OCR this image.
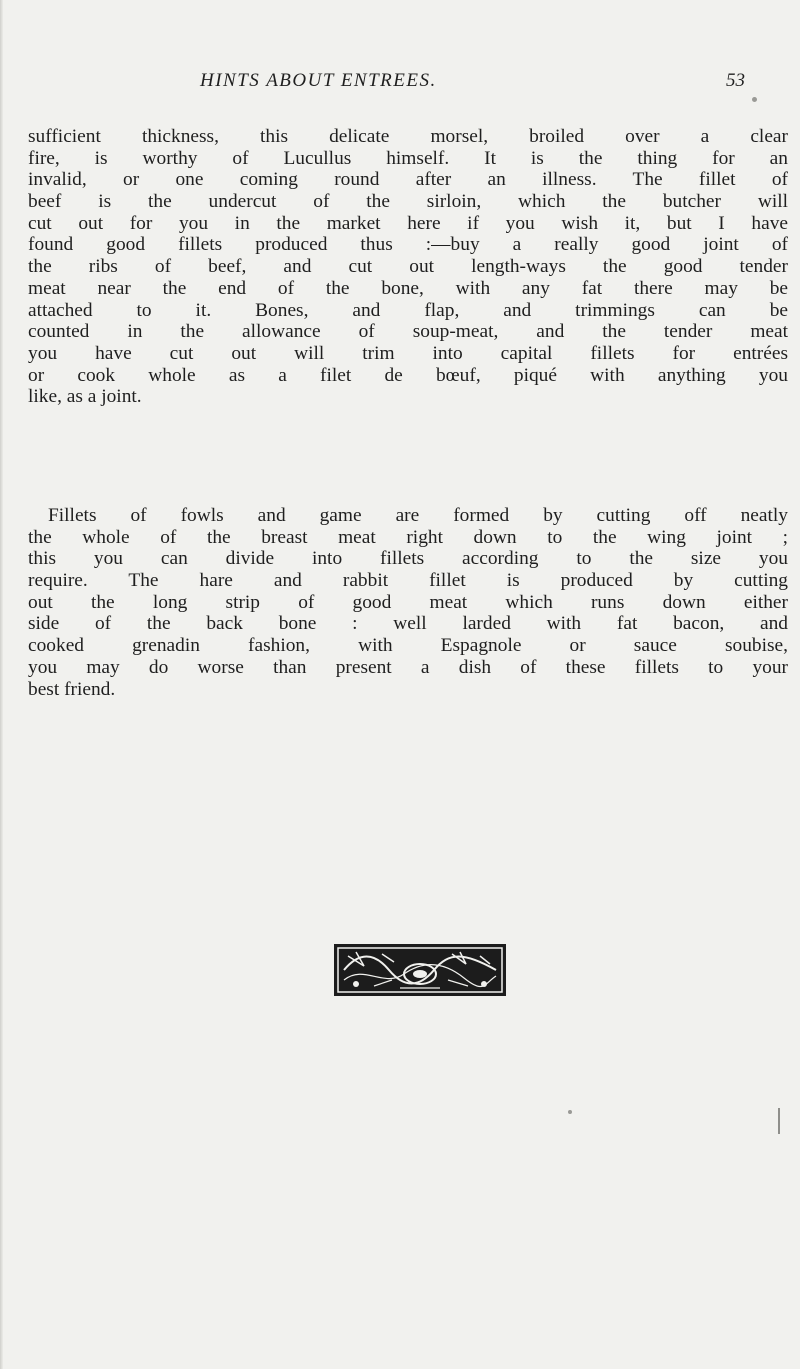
HINTS ABOUT ENTREES.	53

sufficient thickness, this delicate morsel, broiled over a clear
fire, is worthy of Lucullus himself. It is the thing for an
invalid, or one coming round after an illness. The fillet of
beef is the undercut of the sirloin, which the butcher will
cut out for you in the market here if you wish it, but I have
found good fillets produced thus :—buy a really good joint of
the ribs of beef, and cut out length-ways the good tender
meat near the end of the bone, with any fat there may be
attached to it. Bones, and flap, and trimmings can be
counted in the allowance of soup-meat, and the tender meat
you have cut out will trim into capital fillets for entrées
or cook whole as a filet de bœuf, piqué with anything you
like, as a joint.

Fillets of fowls and game are formed by cutting off neatly
the whole of the breast meat right down to the wing joint ;
this you can divide into fillets according to the size you
require. The hare and rabbit fillet is produced by cutting
out the long strip of good meat which runs down either
side of the back bone : well larded with fat bacon, and
cooked grenadin fashion, with Espagnole or sauce soubise,
you may do worse than present a dish of these fillets to your
best friend.
